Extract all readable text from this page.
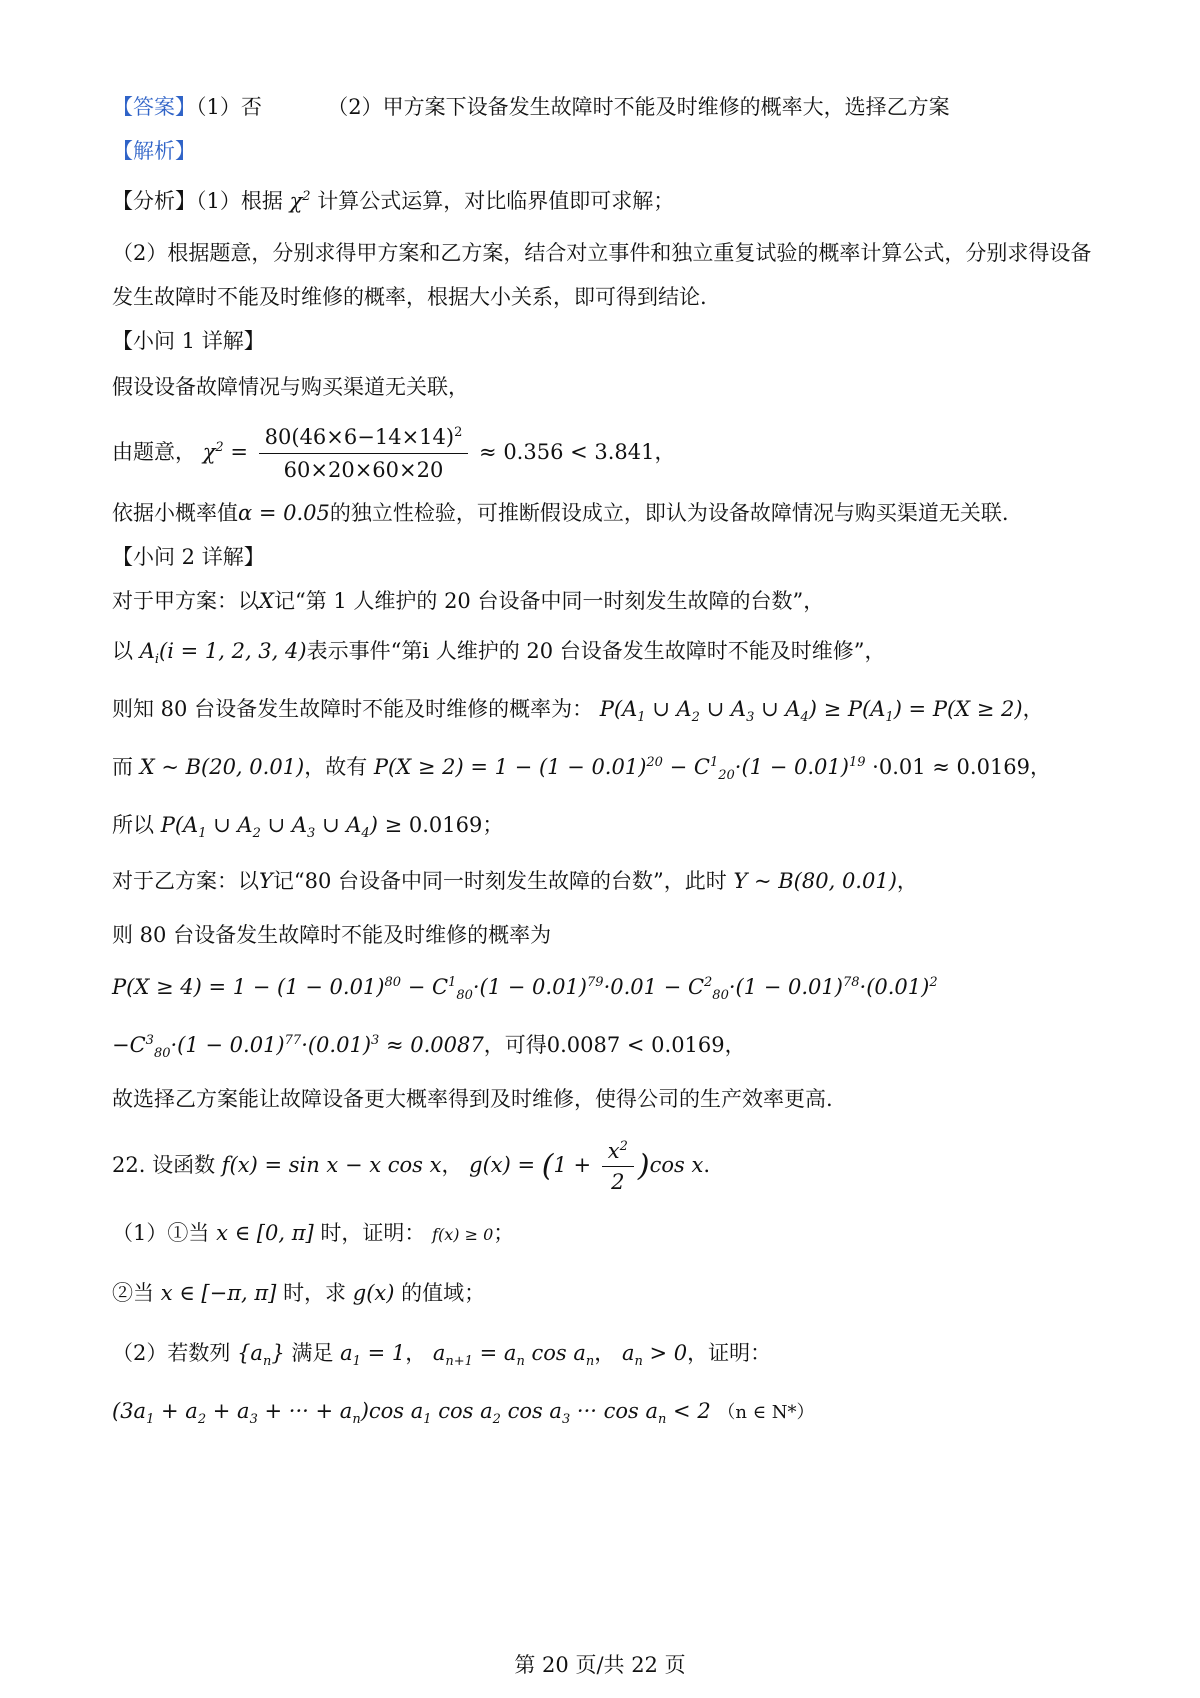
【答案】（1）否	（2）甲方案下设备发生故障时不能及时维修的概率大，选择乙方案
【解析】
【分析】（1）根据 $\chi^2$ 计算公式运算，对比临界值即可求解；
（2）根据题意，分别求得甲方案和乙方案，结合对立事件和独立重复试验的概率计算公式，分别求得设备
发生故障时不能及时维修的概率，根据大小关系，即可得到结论.
【小问 1 详解】
假设设备故障情况与购买渠道无关联，
由题意， $\chi^2 = \frac{80(46\times 6-14\times 14)^2}{60\times 20\times 60\times 20} \approx 0.356 < 3.841$，
依据小概率值α = 0.05的独立性检验，可推断假设成立，即认为设备故障情况与购买渠道无关联.
【小问 2 详解】
对于甲方案：以X记“第 1 人维护的 20 台设备中同一时刻发生故障的台数”，
以 $A_i(i = 1$, 2, 3, 4)表示事件“第i 人维护的 20 台设备发生故障时不能及时维修”，
则知 80 台设备发生故障时不能及时维修的概率为： $P(A_1$ ∪ $A_2$ ∪ $A_3$ ∪ $A_4) \ge P(A_1) = P(X \ge 2)$，
而 X ~ B(20, 0.01)，故有 $P(X \ge 2) = 1 - (1 - 0.01)^{20} - C^1_{20}\cdot(1 - 0.01)^{19} \cdot 0.01 \approx 0.0169$，
所以 $P(A_1$ ∪ $A_2$ ∪ $A_3$ ∪ $A_4) \ge 0.0169$；
对于乙方案：以Y记“80 台设备中同一时刻发生故障的台数”，此时 Y ~ B(80, 0.01)，
则 80 台设备发生故障时不能及时维修的概率为
$P(X \ge 4) = 1 - (1 - 0.01)^{80} - C^1_{80}\cdot(1 - 0.01)^{79}\cdot 0.01 - C^2_{80}\cdot(1 - 0.01)^{78}\cdot(0.01)^2$
$-C^3_{80}\cdot(1 - 0.01)^{77}\cdot(0.01)^3 \approx 0.0087$，可得0.0087 < 0.0169，
故选择乙方案能让故障设备更大概率得到及时维修，使得公司的生产效率更高.
22. 设函数 f(x) = sin x − x cos x， $g(x) = (1 + \frac{x^2}{2} )\cos$ x.
（1）①当 x ∈ [0, π] 时，证明： f(x) ≥ 0；
②当 x ∈ [−π, π] 时，求 g(x) 的值域；
（2）若数列 $\{a_n\}$ 满足 $a_1 = 1$， $a_{n+1} = a_n$ $\cos a_n$， $a_n > 0$，证明：
($3a_1 + a_2 + a_3$ + ··· + $a_n)\cos$ $a_1$ $\cos a_2$ $\cos a_3$ ··· $\cos a_n < 2$ （n ∈ N*）
第 20 页/共 22 页
